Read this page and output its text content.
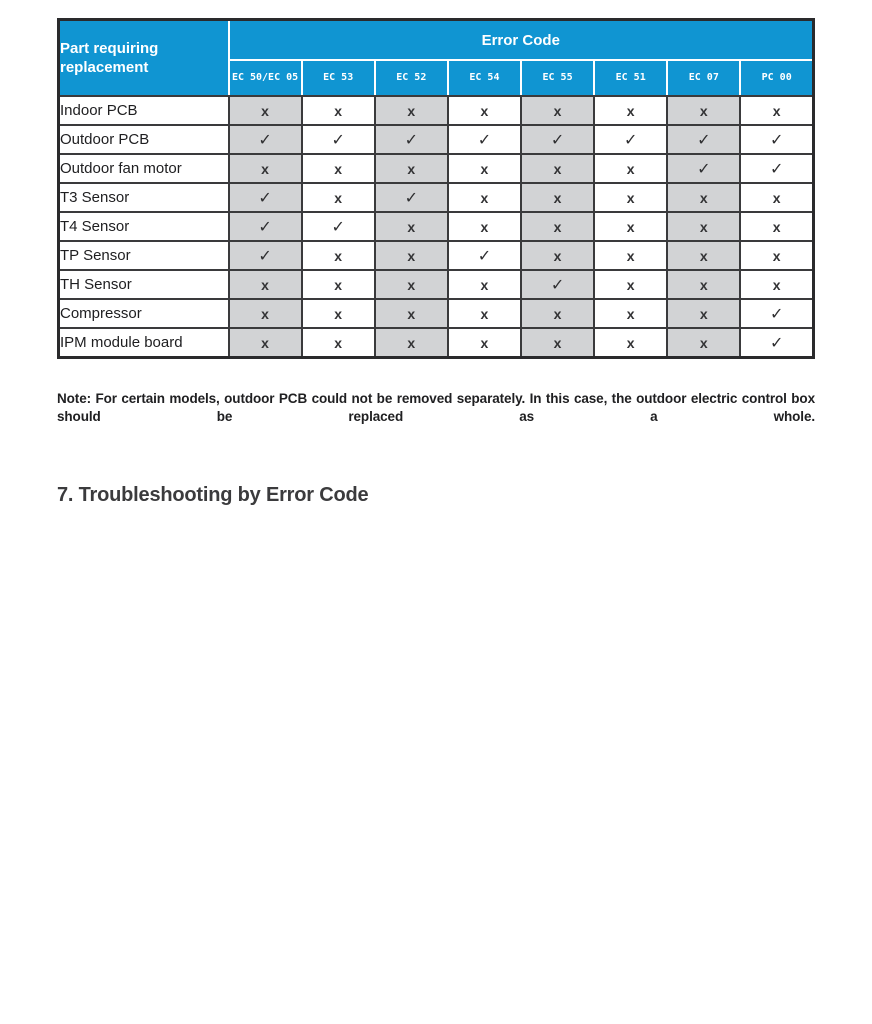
Part requiring replacement	Error Code							
	EC 50/EC 05	EC 53	EC 52	EC 54	EC 55	EC 51	EC 07	PC 00
Indoor PCB	x	x	x	x	x	x	x	x
Outdoor PCB	✓	✓	✓	✓	✓	✓	✓	✓
Outdoor fan motor	x	x	x	x	x	x	✓	✓
T3 Sensor	✓	x	✓	x	x	x	x	x
T4 Sensor	✓	✓	x	x	x	x	x	x
TP Sensor	✓	x	x	✓	x	x	x	x
TH Sensor	x	x	x	x	✓	x	x	x
Compressor	x	x	x	x	x	x	x	✓
IPM module board	x	x	x	x	x	x	x	✓

Note: For certain models, outdoor PCB could not be removed separately. In this case, the outdoor electric control box should be replaced as a whole.

7. Troubleshooting by Error Code
